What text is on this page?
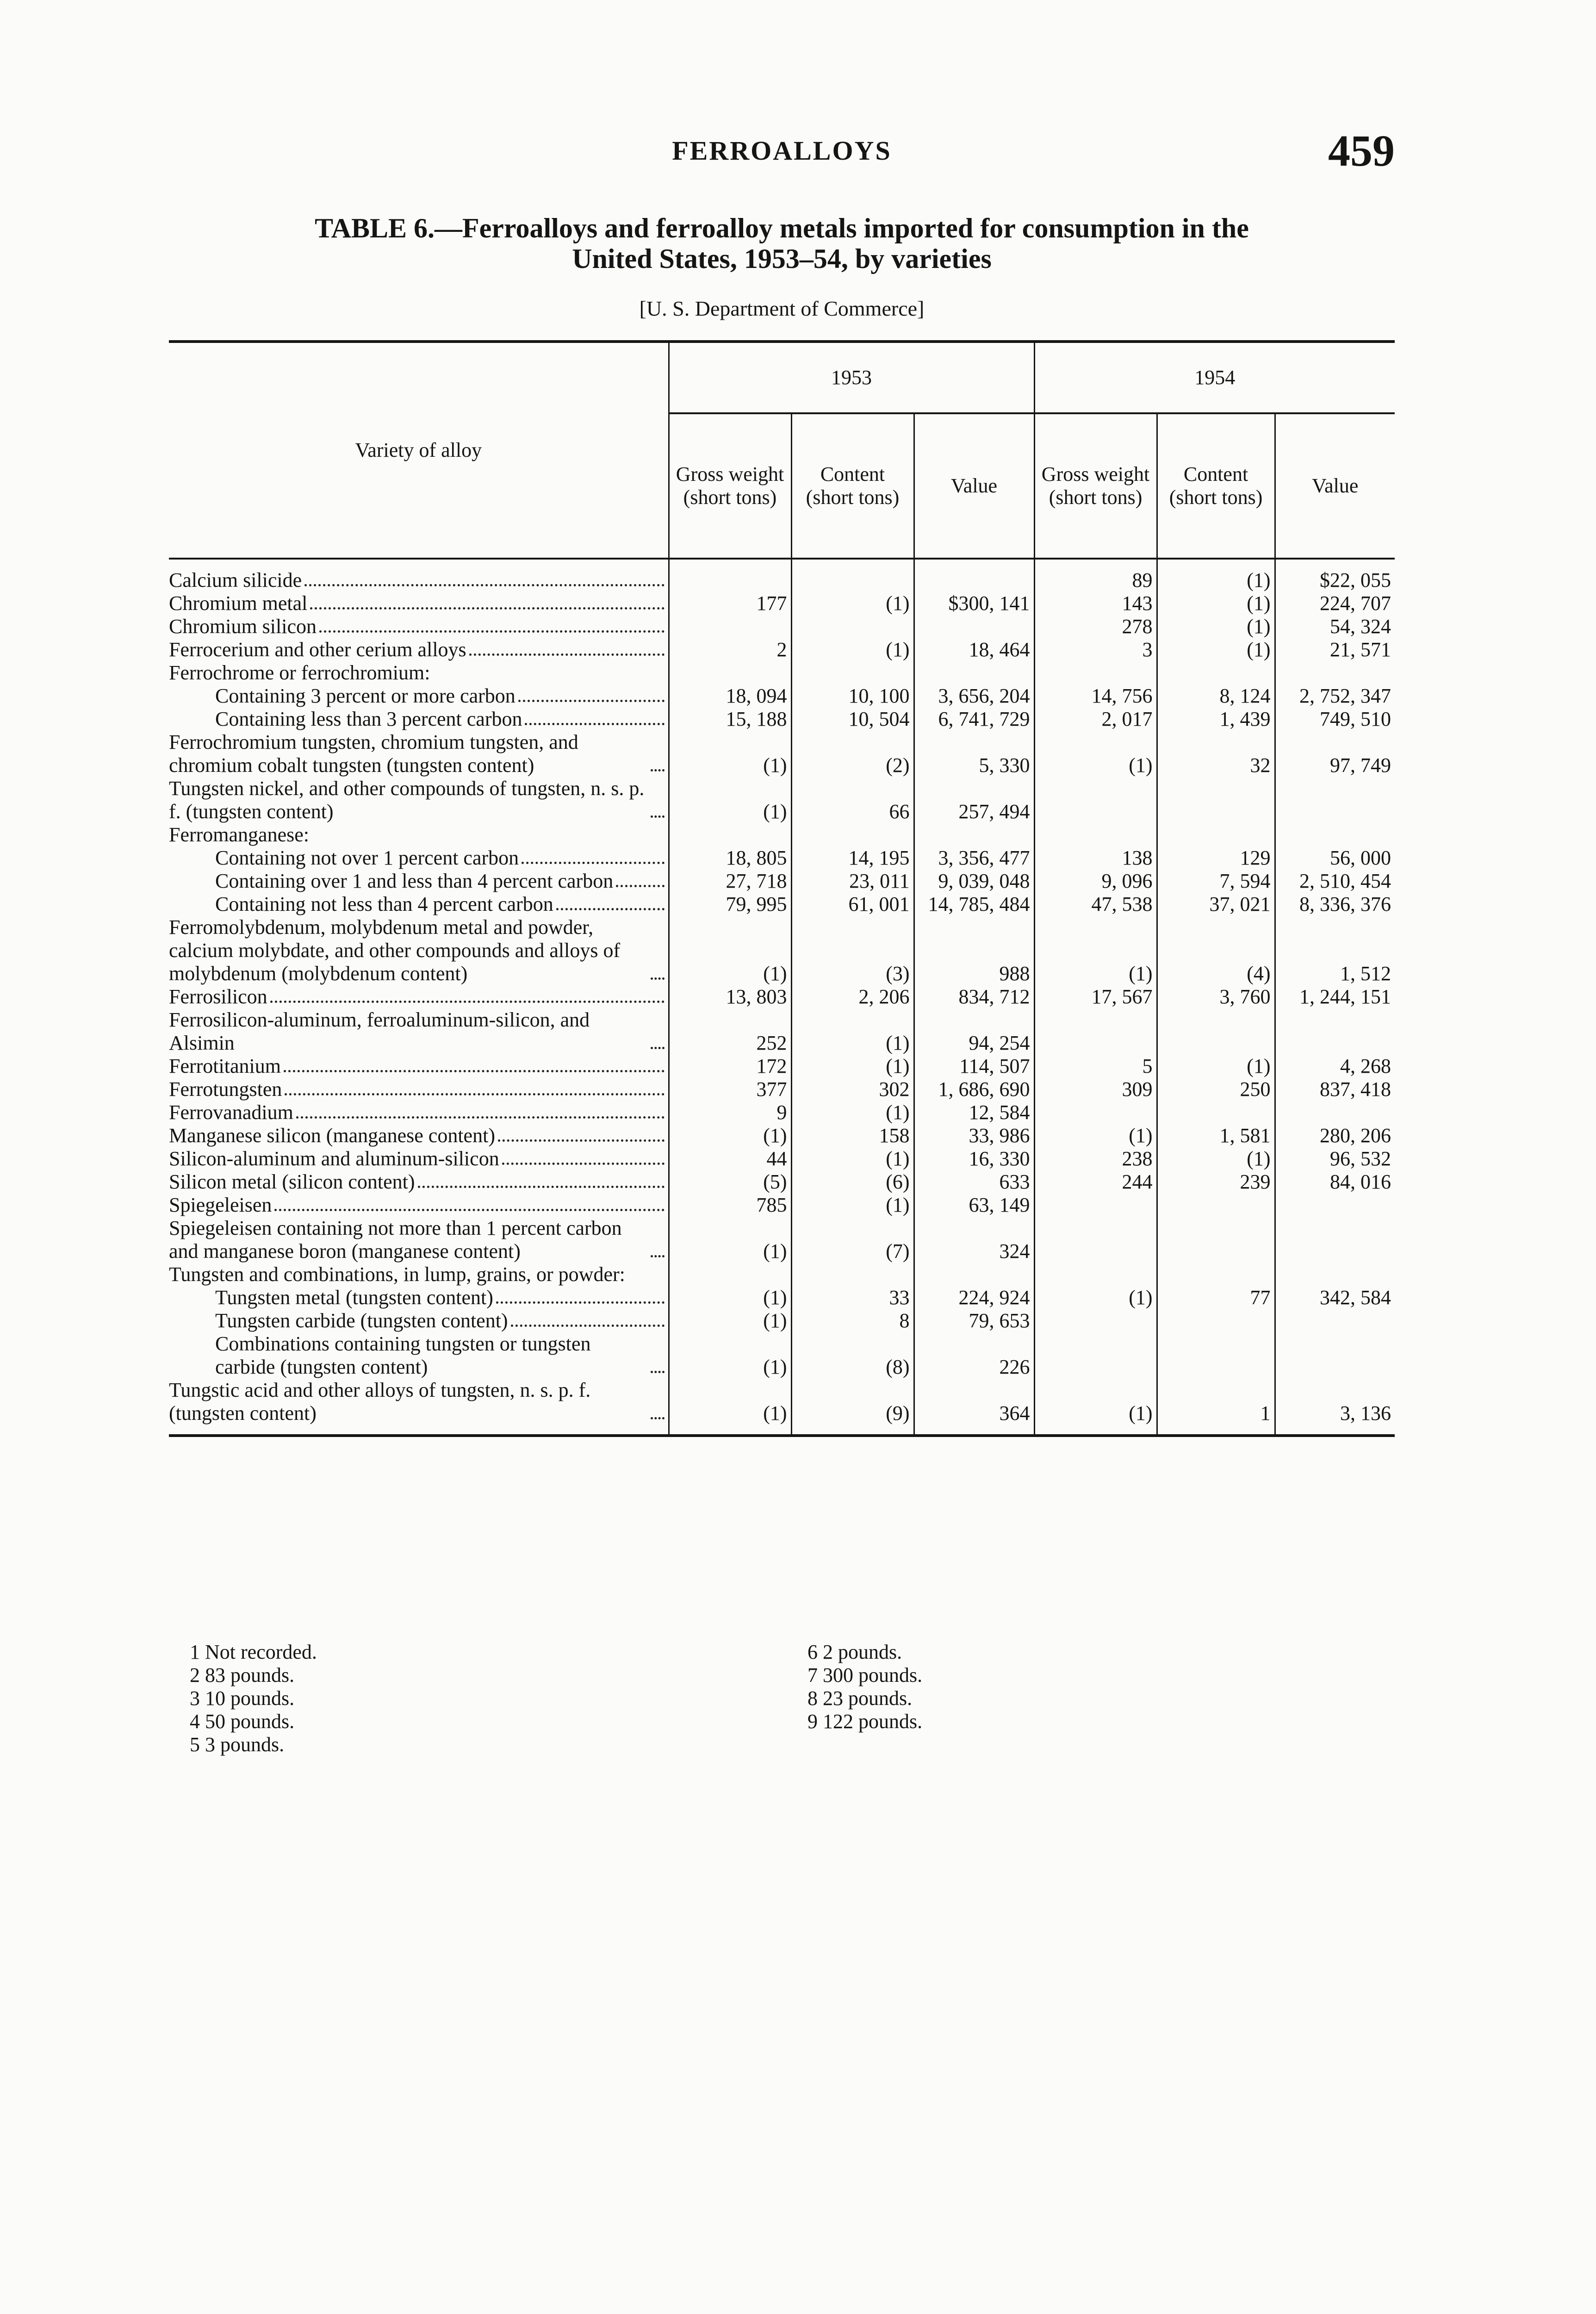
FERROALLOYS	459
TABLE 6.—Ferroalloys and ferroalloy metals imported for consumption in the
United States, 1953–54, by varieties
[U. S. Department of Commerce]
Variety of alloy	1953			1954		
	Gross weight (short tons)	Content (short tons)	Value	Gross weight (short tons)	Content (short tons)	Value

Calcium silicide				89	(1)	$22, 055

Chromium metal	177	(1)	$300, 141	143	(1)	224, 707

Chromium silicon				278	(1)	54, 324

Ferrocerium and other cerium alloys	2	(1)	18, 464	3	(1)	21, 571

Ferrochrome or ferrochromium:						

Containing 3 percent or more carbon	18, 094	10, 100	3, 656, 204	14, 756	8, 124	2, 752, 347

Containing less than 3 percent carbon	15, 188	10, 504	6, 741, 729	2, 017	1, 439	749, 510

Ferrochromium tungsten, chromium tungsten, and chromium cobalt tungsten (tungsten content)	(1)	(2)	5, 330	(1)	32	97, 749

Tungsten nickel, and other compounds of tungsten, n. s. p. f. (tungsten content)	(1)	66	257, 494			

Ferromanganese:						

Containing not over 1 percent carbon	18, 805	14, 195	3, 356, 477	138	129	56, 000

Containing over 1 and less than 4 percent carbon	27, 718	23, 011	9, 039, 048	9, 096	7, 594	2, 510, 454

Containing not less than 4 percent carbon	79, 995	61, 001	14, 785, 484	47, 538	37, 021	8, 336, 376

Ferromolybdenum, molybdenum metal and powder, calcium molybdate, and other compounds and alloys of molybdenum (molybdenum content)	(1)	(3)	988	(1)	(4)	1, 512

Ferrosilicon	13, 803	2, 206	834, 712	17, 567	3, 760	1, 244, 151

Ferrosilicon-aluminum, ferroaluminum-silicon, and Alsimin	252	(1)	94, 254			

Ferrotitanium	172	(1)	114, 507	5	(1)	4, 268

Ferrotungsten	377	302	1, 686, 690	309	250	837, 418

Ferrovanadium	9	(1)	12, 584			

Manganese silicon (manganese content)	(1)	158	33, 986	(1)	1, 581	280, 206

Silicon-aluminum and aluminum-silicon	44	(1)	16, 330	238	(1)	96, 532

Silicon metal (silicon content)	(5)	(6)	633	244	239	84, 016

Spiegeleisen	785	(1)	63, 149			

Spiegeleisen containing not more than 1 percent carbon and manganese boron (manganese content)	(1)	(7)	324			

Tungsten and combinations, in lump, grains, or powder:						

Tungsten metal (tungsten content)	(1)	33	224, 924	(1)	77	342, 584

Tungsten carbide (tungsten content)	(1)	8	79, 653			

Combinations containing tungsten or tungsten carbide (tungsten content)	(1)	(8)	226			

Tungstic acid and other alloys of tungsten, n. s. p. f. (tungsten content)	(1)	(9)	364	(1)	1	3, 136
1 Not recorded.
2 83 pounds.
3 10 pounds.
4 50 pounds.
5 3 pounds.
6 2 pounds.
7 300 pounds.
8 23 pounds.
9 122 pounds.
